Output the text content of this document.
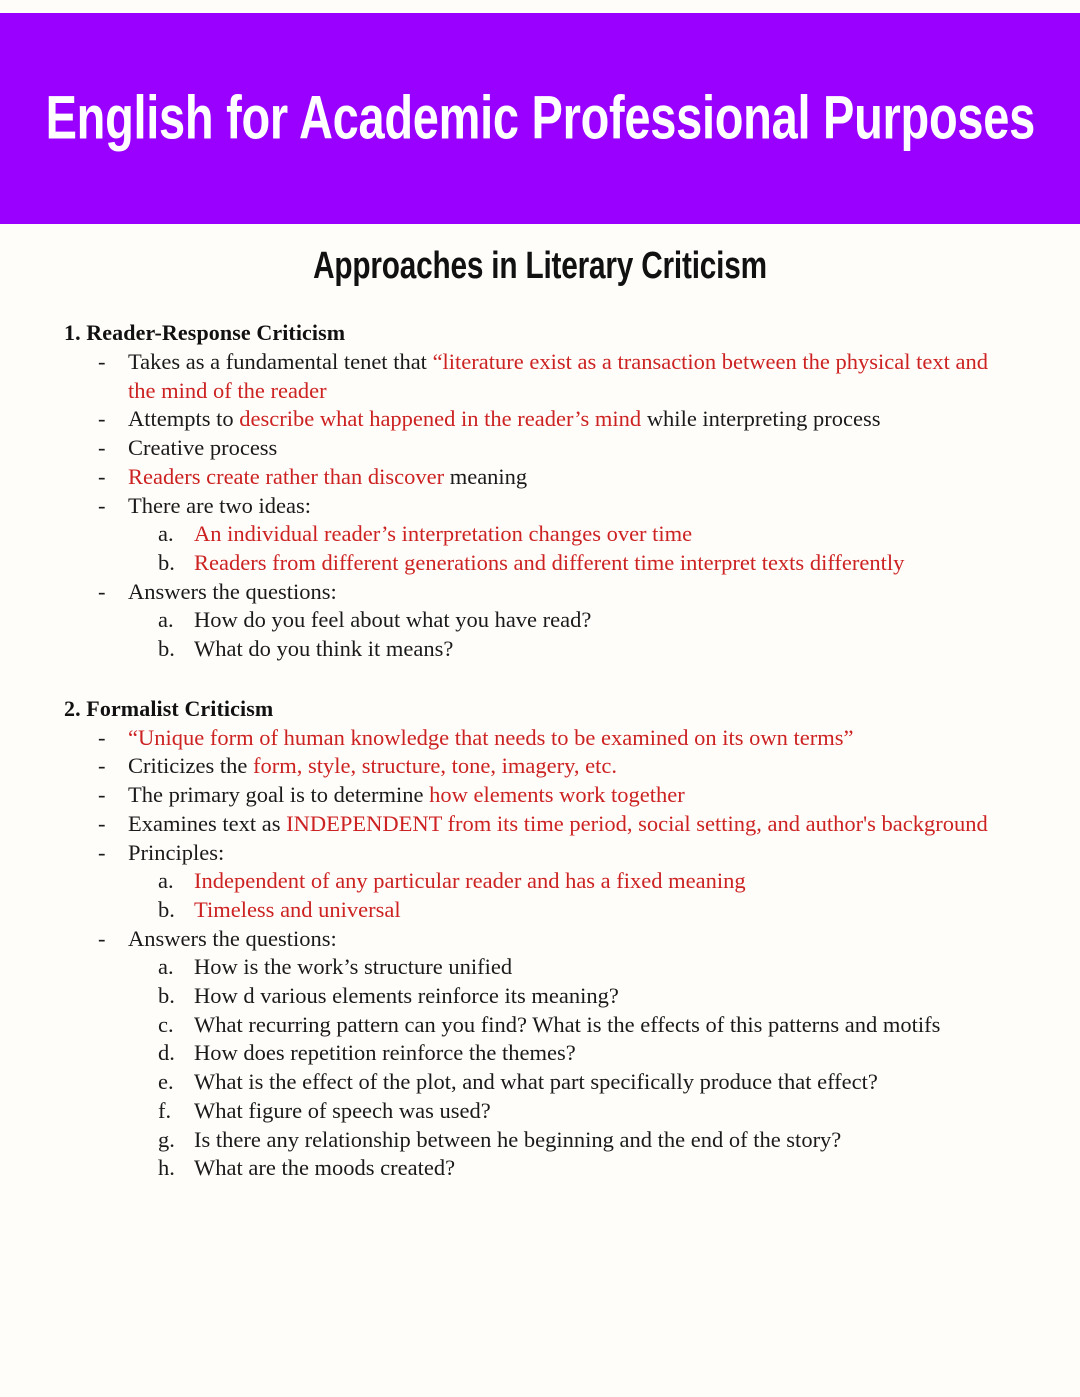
English for Academic Professional Purposes
Approaches in Literary Criticism
1. Reader-Response Criticism
- Takes as a fundamental tenet that “literature exist as a transaction between the physical text and the mind of the reader
- Attempts to describe what happened in the reader’s mind while interpreting process
- Creative process
- Readers create rather than discover meaning
- There are two ideas:
a. An individual reader’s interpretation changes over time
b. Readers from different generations and different time interpret texts differently
- Answers the questions:
a. How do you feel about what you have read?
b. What do you think it means?
2. Formalist Criticism
- “Unique form of human knowledge that needs to be examined on its own terms”
- Criticizes the form, style, structure, tone, imagery, etc.
- The primary goal is to determine how elements work together
- Examines text as INDEPENDENT from its time period, social setting, and author's background
- Principles:
a. Independent of any particular reader and has a fixed meaning
b. Timeless and universal
- Answers the questions:
a. How is the work’s structure unified
b. How d various elements reinforce its meaning?
c. What recurring pattern can you find? What is the effects of this patterns and motifs
d. How does repetition reinforce the themes?
e. What is the effect of the plot, and what part specifically produce that effect?
f.	What figure of speech was used?
g. Is there any relationship between he beginning and the end of the story?
h. What are the moods created?
